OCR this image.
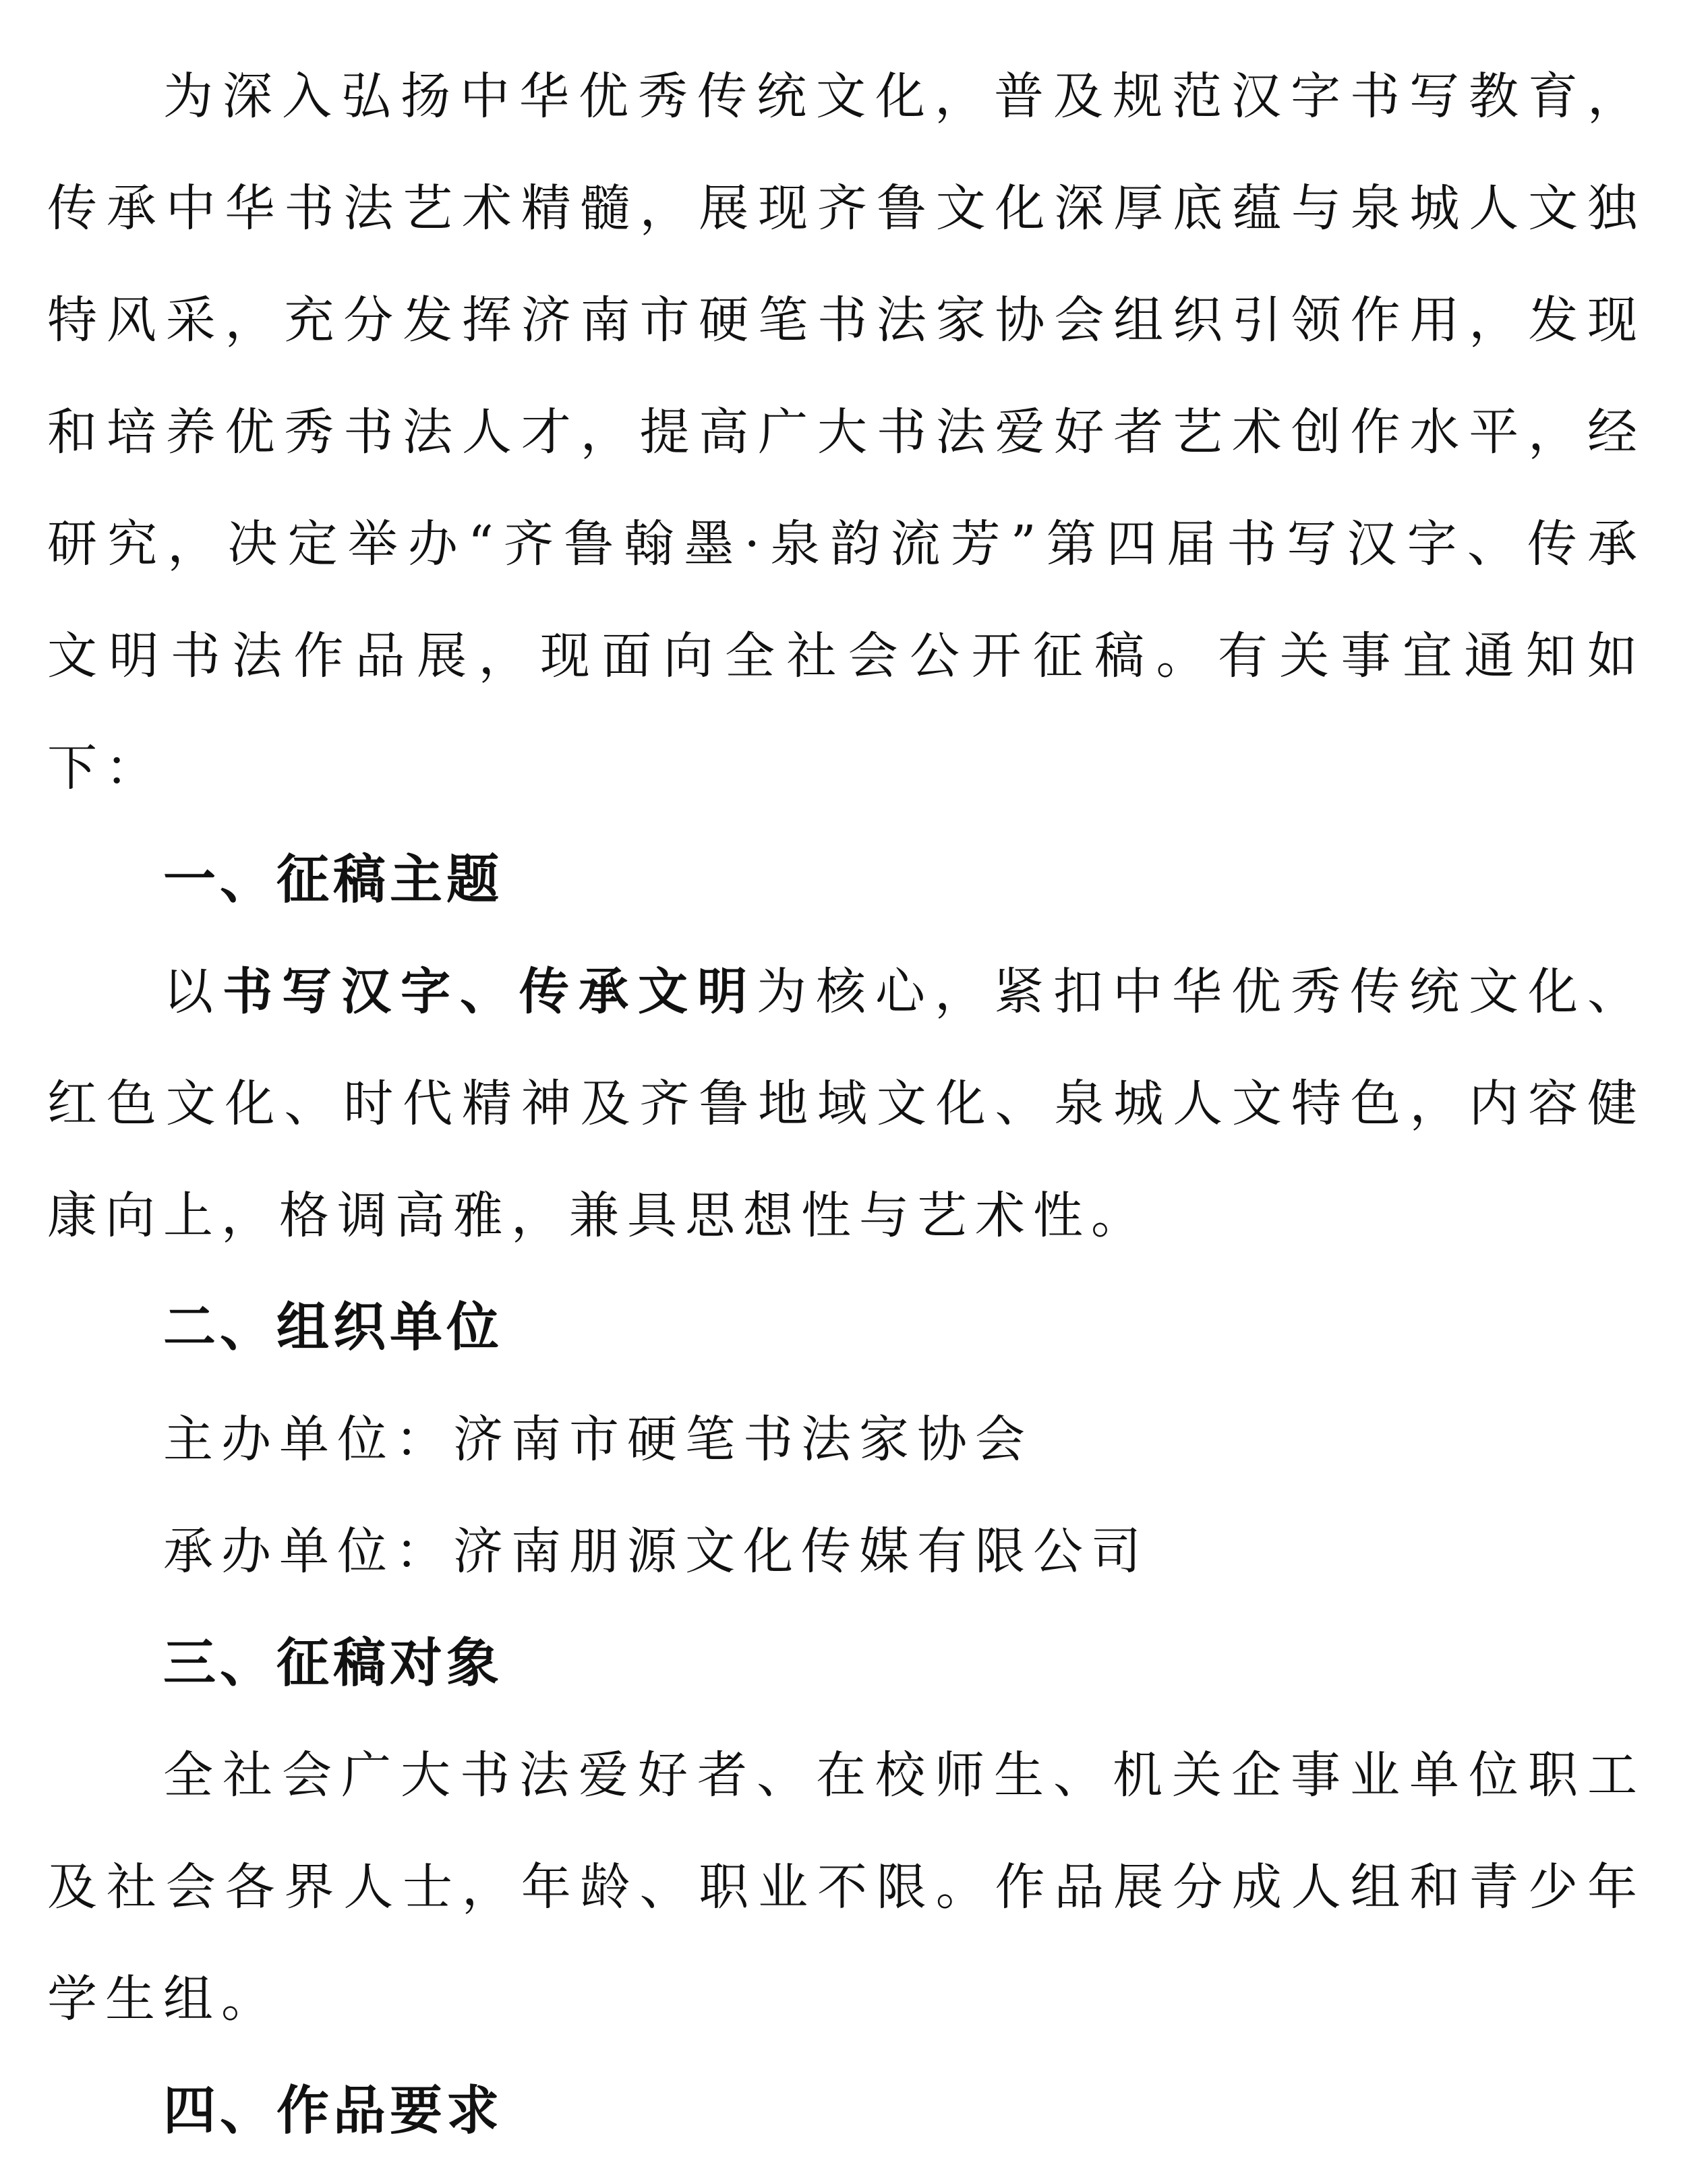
为深入弘扬中华优秀传统文化，普及规范汉字书写教育，传承中华书法艺术精髓，展现齐鲁文化深厚底蕴与泉城人文独特风采，充分发挥济南市硬笔书法家协会组织引领作用，发现和培养优秀书法人才，提高广大书法爱好者艺术创作水平，经研究，决定举办“齐鲁翰墨·泉韵流芳”第四届书写汉字、传承文明书法作品展，现面向全社会公开征稿。有关事宜通知如下：

一、征稿主题

以书写汉字、传承文明为核心，紧扣中华优秀传统文化、红色文化、时代精神及齐鲁地域文化、泉城人文特色，内容健康向上，格调高雅，兼具思想性与艺术性。

二、组织单位

主办单位：济南市硬笔书法家协会

承办单位：济南朋源文化传媒有限公司

三、征稿对象

全社会广大书法爱好者、在校师生、机关企事业单位职工及社会各界人士，年龄、职业不限。作品展分成人组和青少年学生组。

四、作品要求
